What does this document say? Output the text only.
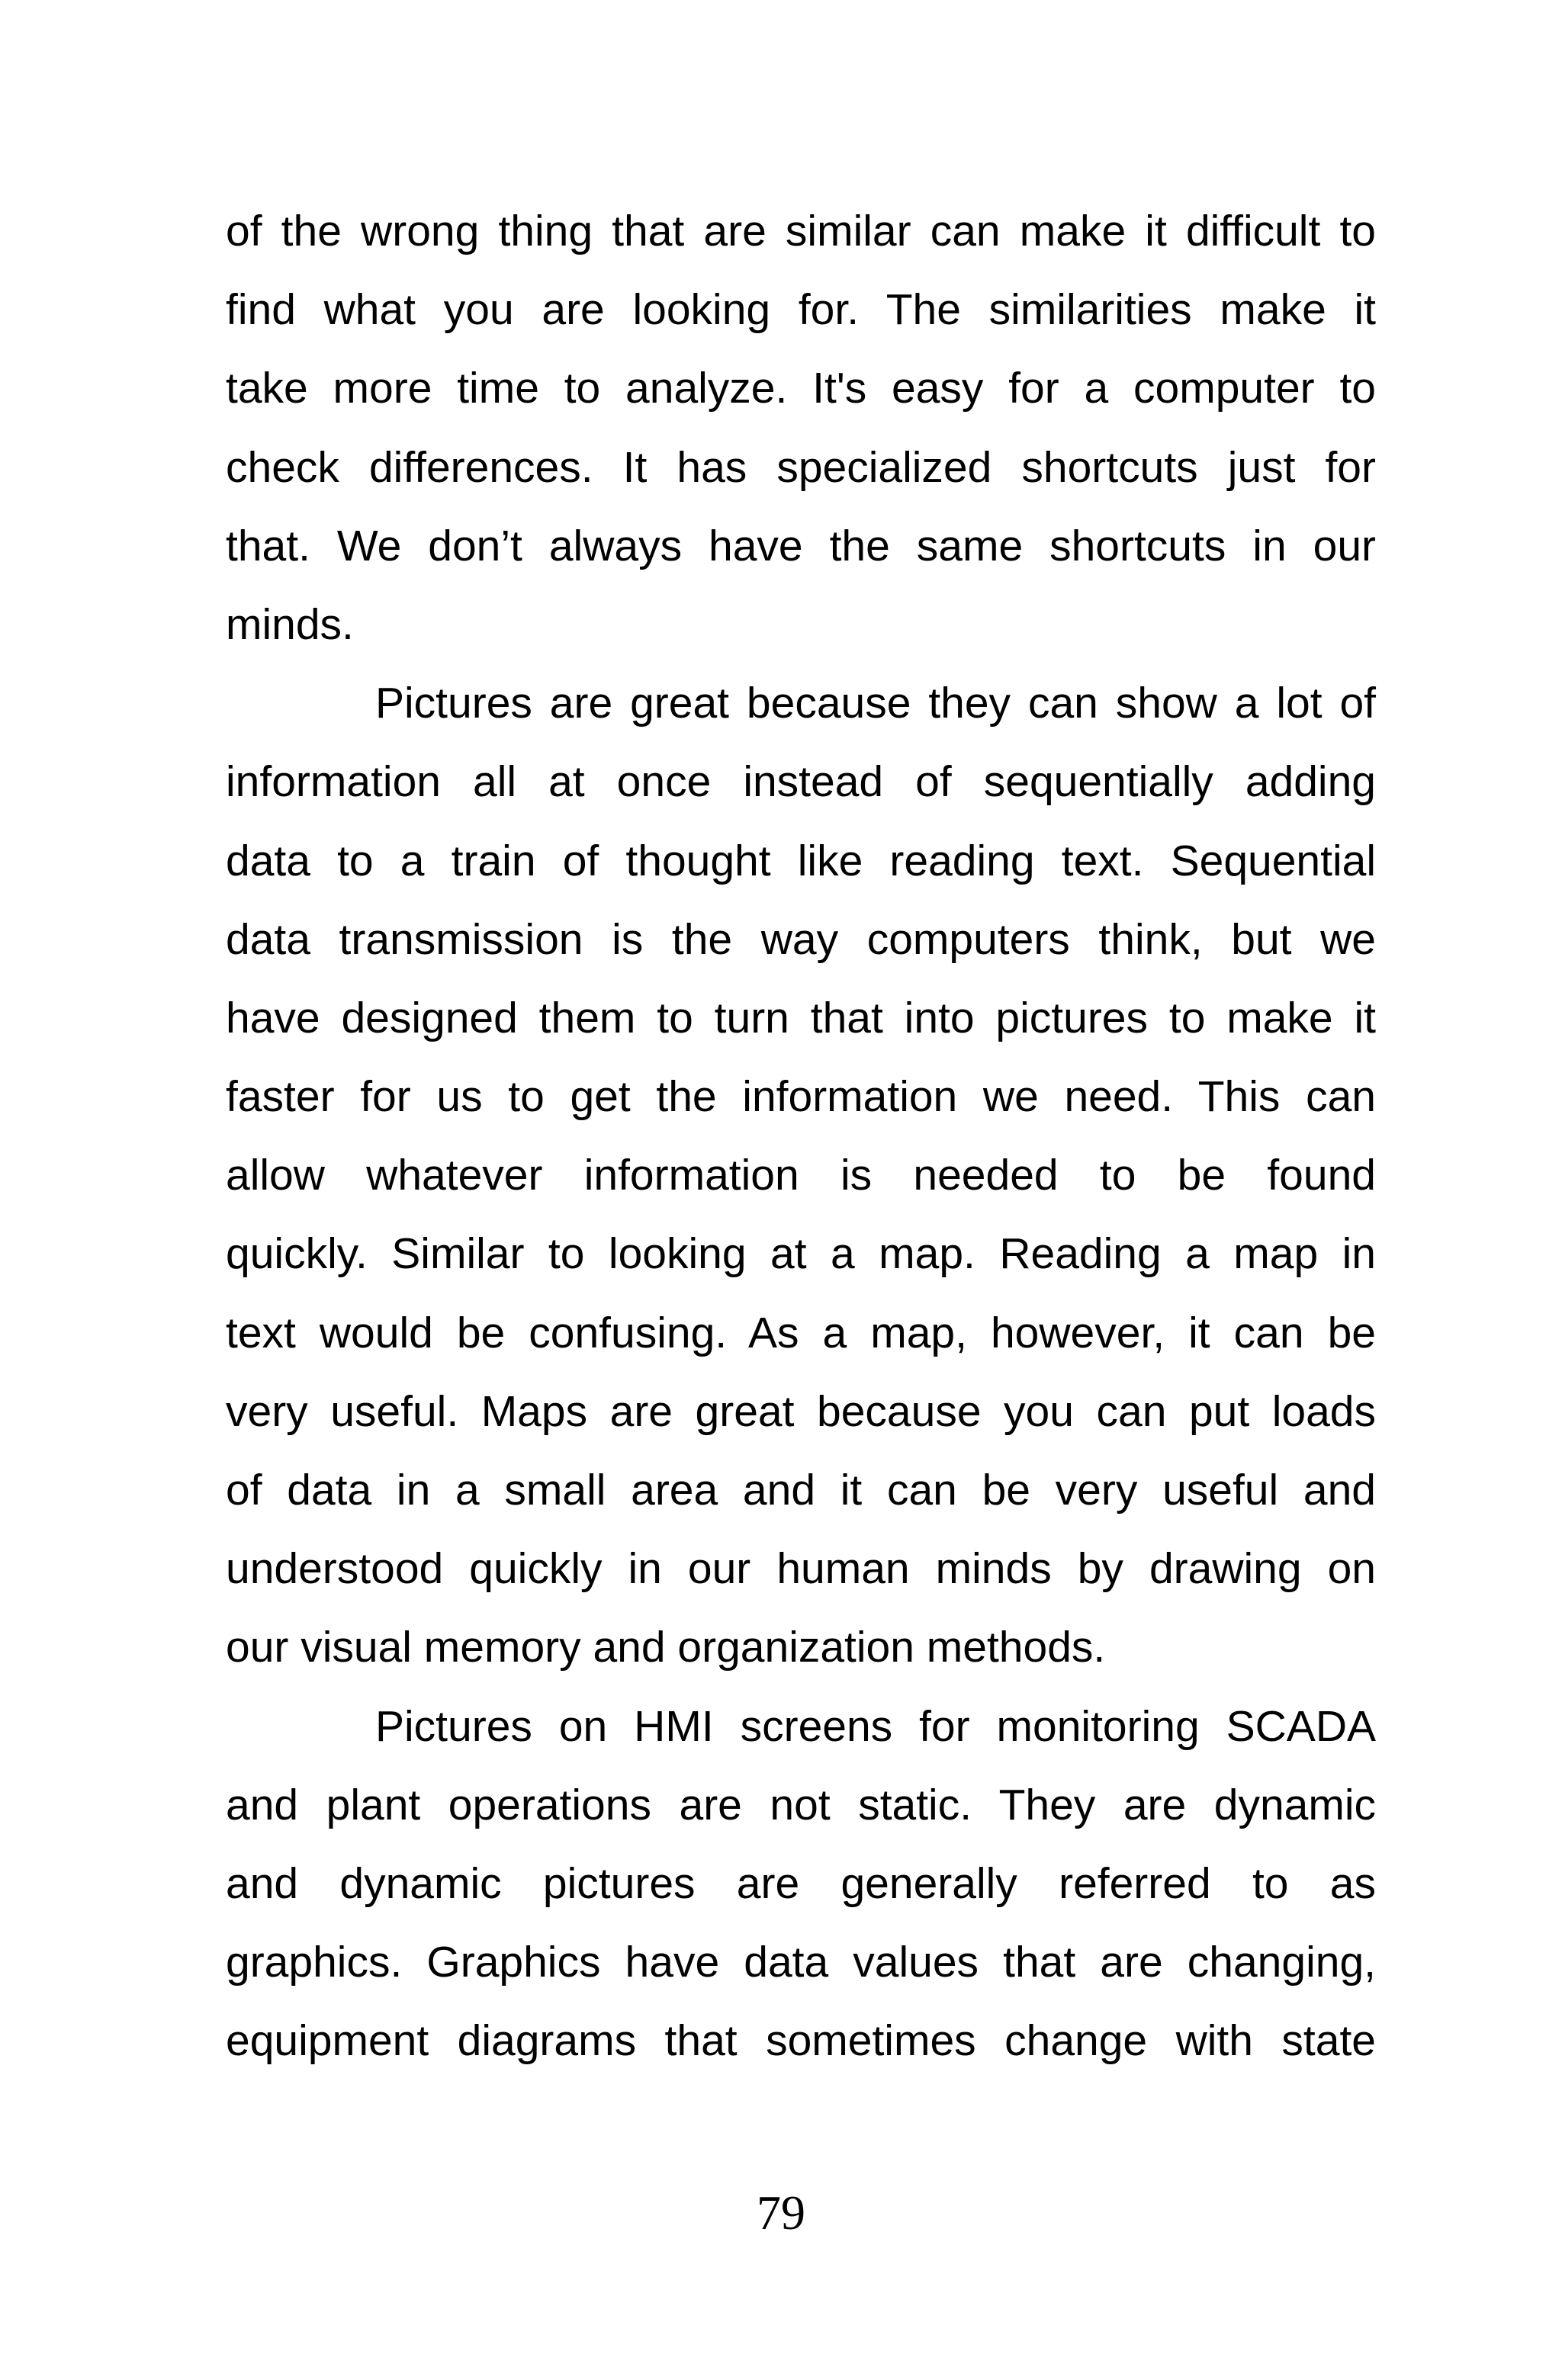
of the wrong thing that are similar can make it difficult to
find what you are looking for. The similarities make it
take more time to analyze. It's easy for a computer to
check differences. It has specialized shortcuts just for
that. We don’t always have the same shortcuts in our
minds.
Pictures are great because they can show a lot of
information all at once instead of sequentially adding
data to a train of thought like reading text. Sequential
data transmission is the way computers think, but we
have designed them to turn that into pictures to make it
faster for us to get the information we need. This can
allow whatever information is needed to be found
quickly. Similar to looking at a map. Reading a map in
text would be confusing. As a map, however, it can be
very useful. Maps are great because you can put loads
of data in a small area and it can be very useful and
understood quickly in our human minds by drawing on
our visual memory and organization methods.
Pictures on HMI screens for monitoring SCADA
and plant operations are not static. They are dynamic
and dynamic pictures are generally referred to as
graphics. Graphics have data values that are changing,
equipment diagrams that sometimes change with state
79
